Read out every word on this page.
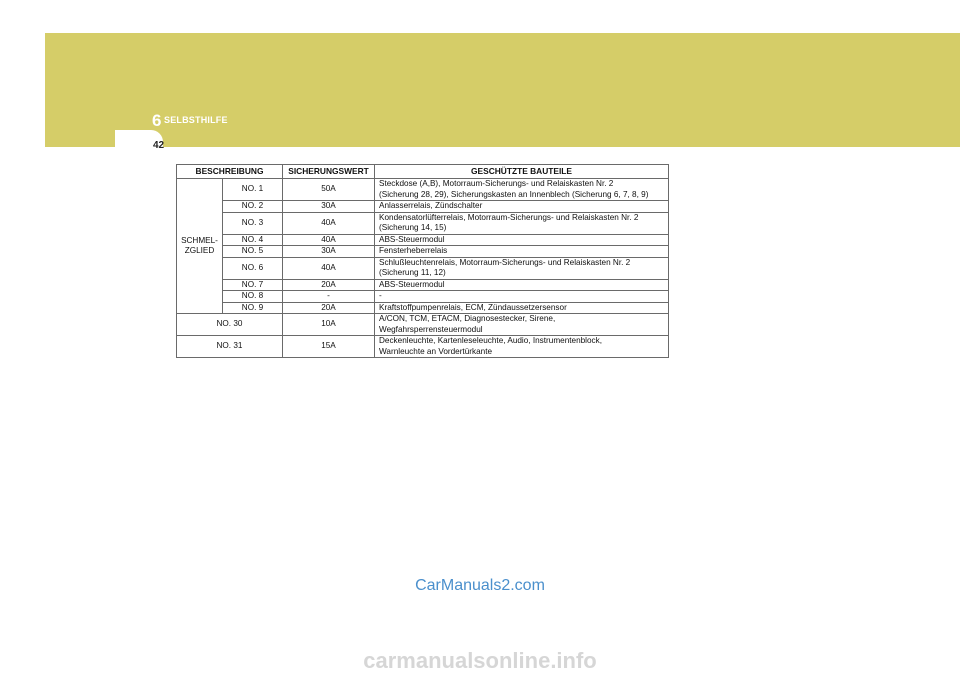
6 SELBSTHILFE
42
BESCHREIBUNG		SICHERUNGSWERT	GESCHÜTZTE BAUTEILE

SCHMEL-
ZGLIED	NO. 1	50A	Steckdose (A,B), Motorraum-Sicherungs- und Relaiskasten Nr. 2
(Sicherung 28, 29), Sicherungskasten an Innenblech (Sicherung 6, 7, 8, 9)

	NO. 2	30A	Anlasserrelais, Zündschalter
	NO. 3	40A	Kondensatorlüfterrelais, Motorraum-Sicherungs- und Relaiskasten Nr. 2
(Sicherung 14, 15)

	NO. 4	40A	ABS-Steuermodul
	NO. 5	30A	Fensterheberrelais
	NO. 6	40A	Schlußleuchtenrelais, Motorraum-Sicherungs- und Relaiskasten Nr. 2
(Sicherung 11, 12)

	NO. 7	20A	ABS-Steuermodul
	NO. 8	-	-
	NO. 9	20A	Kraftstoffpumpenrelais, ECM, Zündaussetzersensor
NO. 30		10A	A/CON, TCM, ETACM, Diagnosestecker, Sirene,
Wegfahrsperrensteuermodul

NO. 31		15A	Deckenleuchte, Kartenleseleuchte, Audio, Instrumentenblock,
Warnleuchte an Vordertürkante
CarManuals2.com
carmanualsonline.info
